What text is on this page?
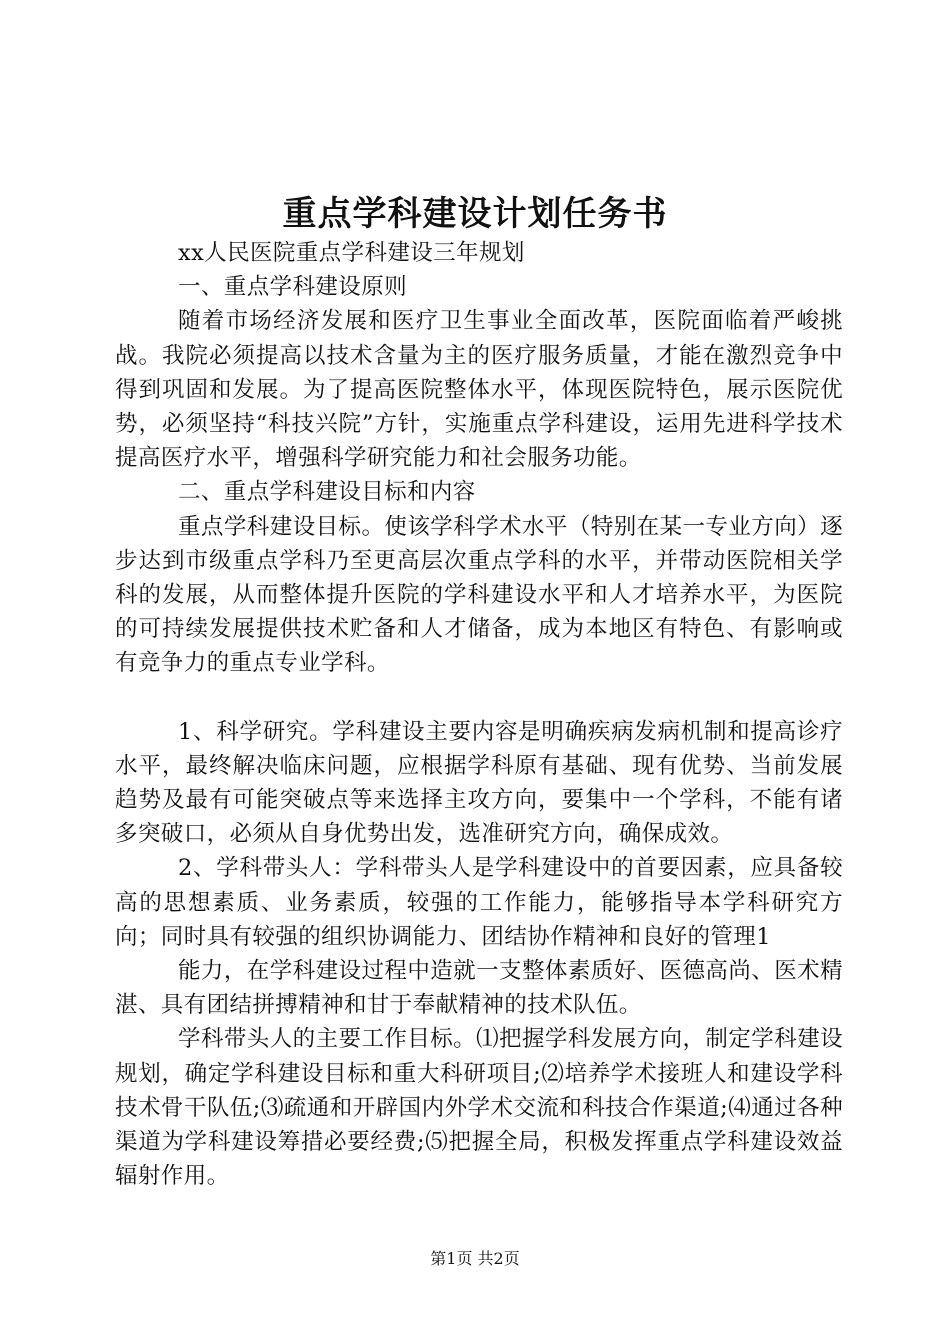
重点学科建设计划任务书

xx人民医院重点学科建设三年规划

一、重点学科建设原则

随着市场经济发展和医疗卫生事业全面改革，医院面临着严峻挑战。我院必须提高以技术含量为主的医疗服务质量，才能在激烈竞争中得到巩固和发展。为了提高医院整体水平，体现医院特色，展示医院优势，必须坚持“科技兴院”方针，实施重点学科建设，运用先进科学技术提高医疗水平，增强科学研究能力和社会服务功能。

二、重点学科建设目标和内容

重点学科建设目标。使该学科学术水平（特别在某一专业方向）逐步达到市级重点学科乃至更高层次重点学科的水平，并带动医院相关学科的发展，从而整体提升医院的学科建设水平和人才培养水平，为医院的可持续发展提供技术贮备和人才储备，成为本地区有特色、有影响或有竞争力的重点专业学科。

1、科学研究。学科建设主要内容是明确疾病发病机制和提高诊疗水平，最终解决临床问题，应根据学科原有基础、现有优势、当前发展趋势及最有可能突破点等来选择主攻方向，要集中一个学科，不能有诸多突破口，必须从自身优势出发，选准研究方向，确保成效。

2、学科带头人：学科带头人是学科建设中的首要因素，应具备较高的思想素质、业务素质，较强的工作能力，能够指导本学科研究方向；同时具有较强的组织协调能力、团结协作精神和良好的管理1

能力，在学科建设过程中造就一支整体素质好、医德高尚、医术精湛、具有团结拼搏精神和甘于奉献精神的技术队伍。

学科带头人的主要工作目标。⑴把握学科发展方向，制定学科建设规划，确定学科建设目标和重大科研项目;⑵培养学术接班人和建设学科技术骨干队伍;⑶疏通和开辟国内外学术交流和科技合作渠道;⑷通过各种渠道为学科建设筹措必要经费;⑸把握全局，积极发挥重点学科建设效益辐射作用。

第1页 共2页
